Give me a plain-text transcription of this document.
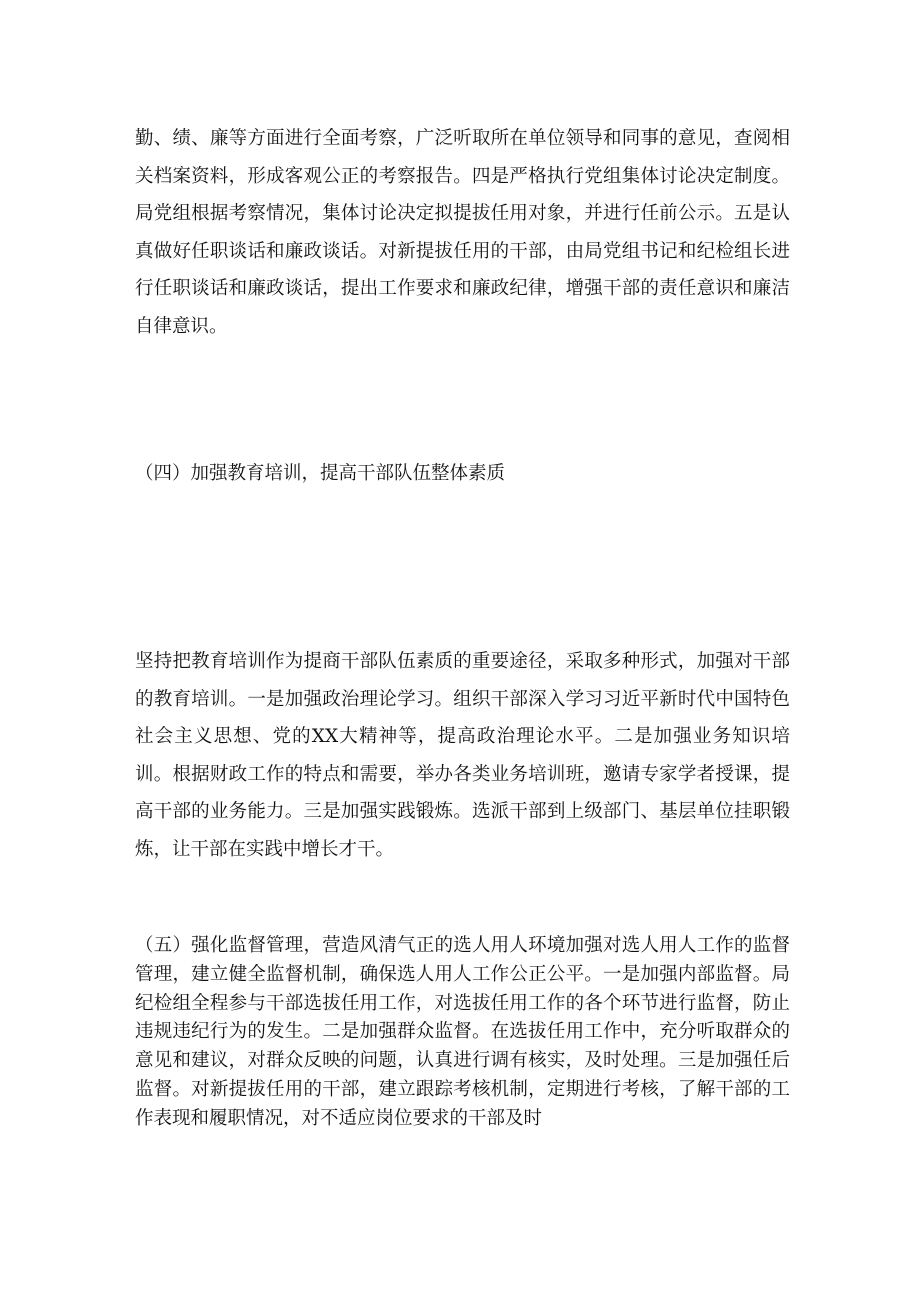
勤、绩、廉等方面进行全面考察，广泛听取所在单位领导和同事的意见，查阅相关档案资料，形成客观公正的考察报告。四是严格执行党组集体讨论决定制度。局党组根据考察情况，集体讨论决定拟提拔任用对象，并进行任前公示。五是认真做好任职谈话和廉政谈话。对新提拔任用的干部，由局党组书记和纪检组长进行任职谈话和廉政谈话，提出工作要求和廉政纪律，增强干部的责任意识和廉洁自律意识。

（四）加强教育培训，提高干部队伍整体素质

坚持把教育培训作为提商干部队伍素质的重要途径，采取多种形式，加强对干部的教育培训。一是加强政治理论学习。组织干部深入学习习近平新时代中国特色社会主义思想、党的XX大精神等，提高政治理论水平。二是加强业务知识培训。根据财政工作的特点和需要，举办各类业务培训班，邀请专家学者授课，提高干部的业务能力。三是加强实践锻炼。选派干部到上级部门、基层单位挂职锻炼，让干部在实践中增长才干。

（五）强化监督管理，营造风清气正的选人用人环境加强对选人用人工作的监督管理，建立健全监督机制，确保选人用人工作公正公平。一是加强内部监督。局纪检组全程参与干部选拔任用工作，对选拔任用工作的各个环节进行监督，防止违规违纪行为的发生。二是加强群众监督。在选拔任用工作中，充分听取群众的意见和建议，对群众反映的问题，认真进行调有核实，及时处理。三是加强任后监督。对新提拔任用的干部，建立跟踪考核机制，定期进行考核，了解干部的工作表现和履职情况，对不适应岗位要求的干部及时
